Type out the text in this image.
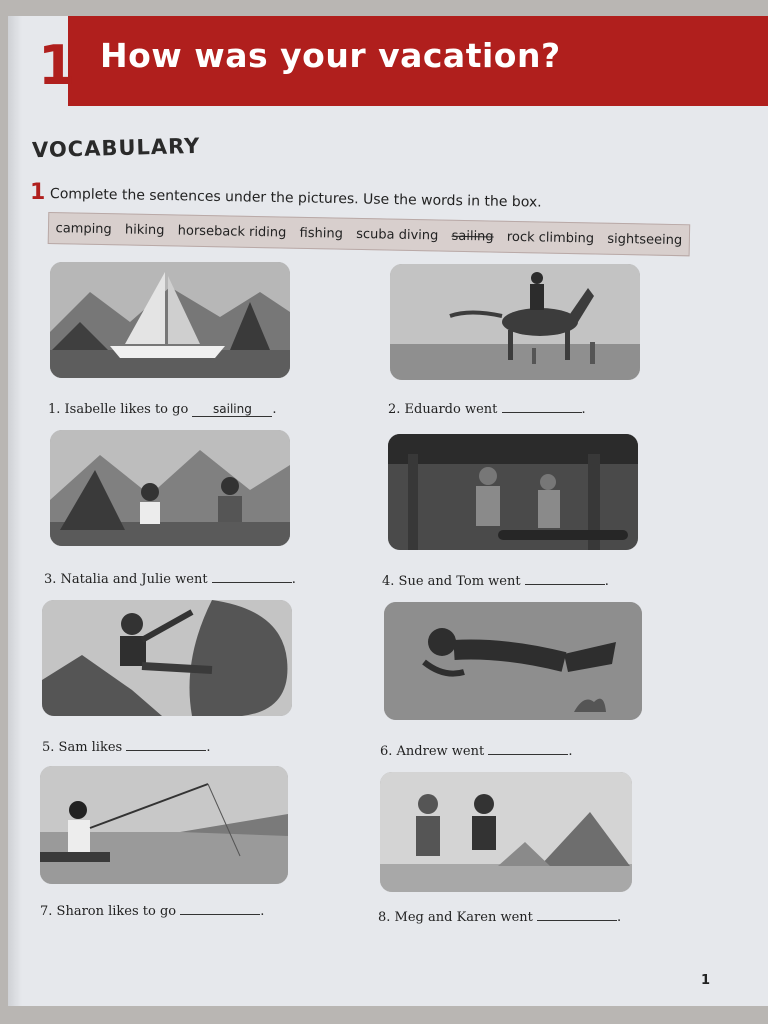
1 How was your vacation?
VOCABULARY
1 Complete the sentences under the pictures. Use the words in the box.
camping hiking horseback riding fishing scuba diving sailing rock climbing sightseeing
1. Isabelle likes to go sailing .	2. Eduardo went	.
3. Natalia and Julie went	.	4. Sue and Tom went	.
5. Sam likes	.	6. Andrew went	.
7. Sharon likes to go	.	8. Meg and Karen went	.
1
